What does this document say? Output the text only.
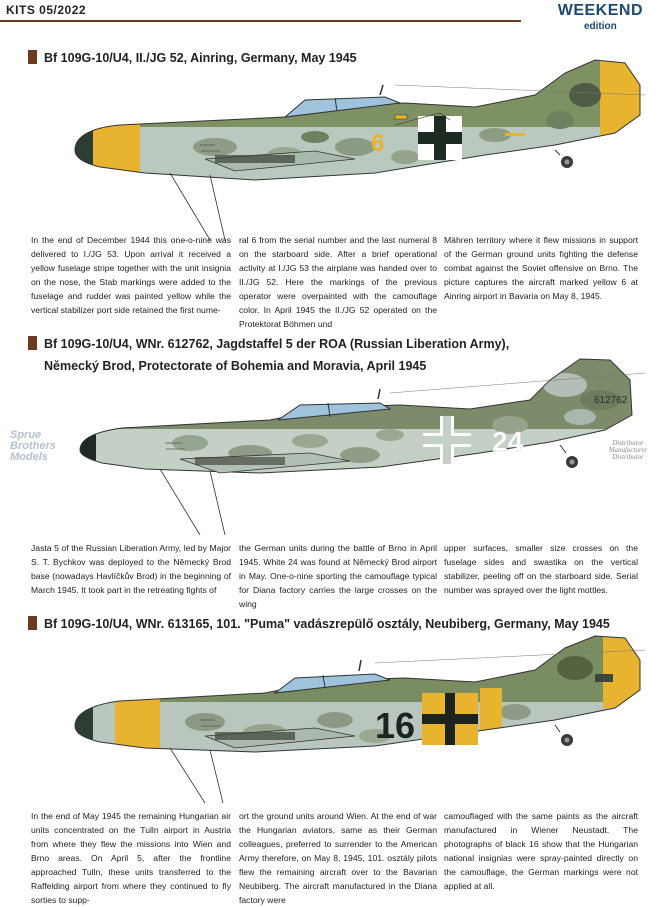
KITS 05/2022	WEEKEND
edition
Bf 109G-10/U4, II./JG 52, Ainring, Germany, May 1945
6
In the end of December 1944 this one-o-nine was delivered to I./JG 53. Upon arrival it received a yellow fuselage stripe together with the unit insignia on the nose, the Stab markings were added to the fuselage and rudder was painted yellow while the vertical stabilizer port side retained the first nume-
ral 6 from the serial number and the last numeral 8 on the starboard side. After a brief operational activity at I./JG 53 the airplane was handed over to II./JG 52. Here the markings of the previous operator were overpainted with the camouflage color. In April 1945 the II./JG 52 operated on the Protektorat Böhmen und
Mähren territory where it flew missions in support of the German ground units fighting the defense combat against the Soviet offensive on Brno. The picture captures the aircraft marked yellow 6 at Ainring airport in Bavaria on May 8, 1945.
Bf 109G-10/U4, WNr. 612762, Jagdstaffel 5 der ROA (Russian Liberation Army),
Německý Brod, Protectorate of Bohemia and Moravia, April 1945
24
612762
Sprue
Brothers
Models
Distributor
Manufacturer
Distributor
Jasta 5 of the Russian Liberation Army, led by Major S. T. Bychkov was deployed to the Německý Brod base (nowadays Havlíčkův Brod) in the beginning of March 1945. It took part in the retreating fights of
the German units during the battle of Brno in April 1945. White 24 was found at Německý Brod airport in May. One-o-nine sporting the camouflage typical for Diana factory carries the large crosses on the wing
upper surfaces, smaller size crosses on the fuselage sides and swastika on the vertical stabilizer, peeling off on the starboard side. Serial number was sprayed over the light mottles.
Bf 109G-10/U4, WNr. 613165, 101. "Puma" vadászrepülő osztály, Neubiberg, Germany, May 1945
16
In the end of May 1945 the remaining Hungarian air units concentrated on the Tulln airport in Austria from where they flew the missions into Wien and Brno areas. On April 5, after the frontline approached Tulln, these units transferred to the Raffelding airport from where they continued to fly sorties to supp-
ort the ground units around Wien. At the end of war the Hungarian aviators, same as their German colleagues, preferred to surrender to the American Army therefore, on May 8, 1945, 101. osztály pilots flew the remaining aircraft over to the Bavarian Neubiberg. The aircraft manufactured in the Diana factory were
camouflaged with the same paints as the aircraft manufactured in Wiener Neustadt. The photographs of black 16 show that the Hungarian national insignias were spray-painted directly on the camouflage, the German markings were not applied at all.
